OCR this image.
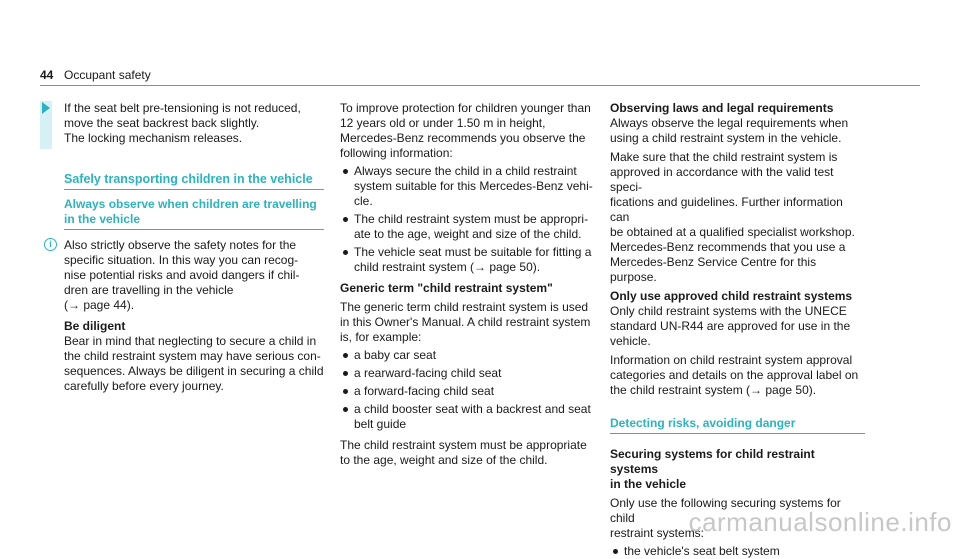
44 Occupant safety

If the seat belt pre-tensioning is not reduced,

move the seat backrest back slightly.

The locking mechanism releases.

Safely transporting children in the vehicle

Always observe when children are travelling

in the vehicle

i	Also strictly observe the safety notes for the

specific situation. In this way you can recog-

nise potential risks and avoid dangers if chil-

dren are travelling in the vehicle

(→ page 44).

Be diligent

Bear in mind that neglecting to secure a child in

the child restraint system may have serious con-

sequences. Always be diligent in securing a child

carefully before every journey.

To improve protection for children younger than

12 years old or under 1.50 m in height,

Mercedes-Benz recommends you observe the

following information:

Always secure the child in a child restraint

system suitable for this Mercedes-Benz vehi-

cle.

The child restraint system must be appropri-

ate to the age, weight and size of the child.

The vehicle seat must be suitable for fitting a

child restraint system (→ page 50).

Generic term "child restraint system"

The generic term child restraint system is used

in this Owner's Manual. A child restraint system

is, for example:

a baby car seat

a rearward-facing child seat

a forward-facing child seat

a child booster seat with a backrest and seat

belt guide

The child restraint system must be appropriate

to the age, weight and size of the child.

Observing laws and legal requirements

Always observe the legal requirements when

using a child restraint system in the vehicle.

Make sure that the child restraint system is

approved in accordance with the valid test speci-

fications and guidelines. Further information can

be obtained at a qualified specialist workshop.

Mercedes-Benz recommends that you use a

Mercedes-Benz Service Centre for this purpose.

Only use approved child restraint systems

Only child restraint systems with the UNECE

standard UN-R44 are approved for use in the

vehicle.

Information on child restraint system approval

categories and details on the approval label on

the child restraint system (→ page 50).

Detecting risks, avoiding danger

Securing systems for child restraint systems

in the vehicle

Only use the following securing systems for child

restraint systems:

the vehicle's seat belt system

carmanualsonline.info
